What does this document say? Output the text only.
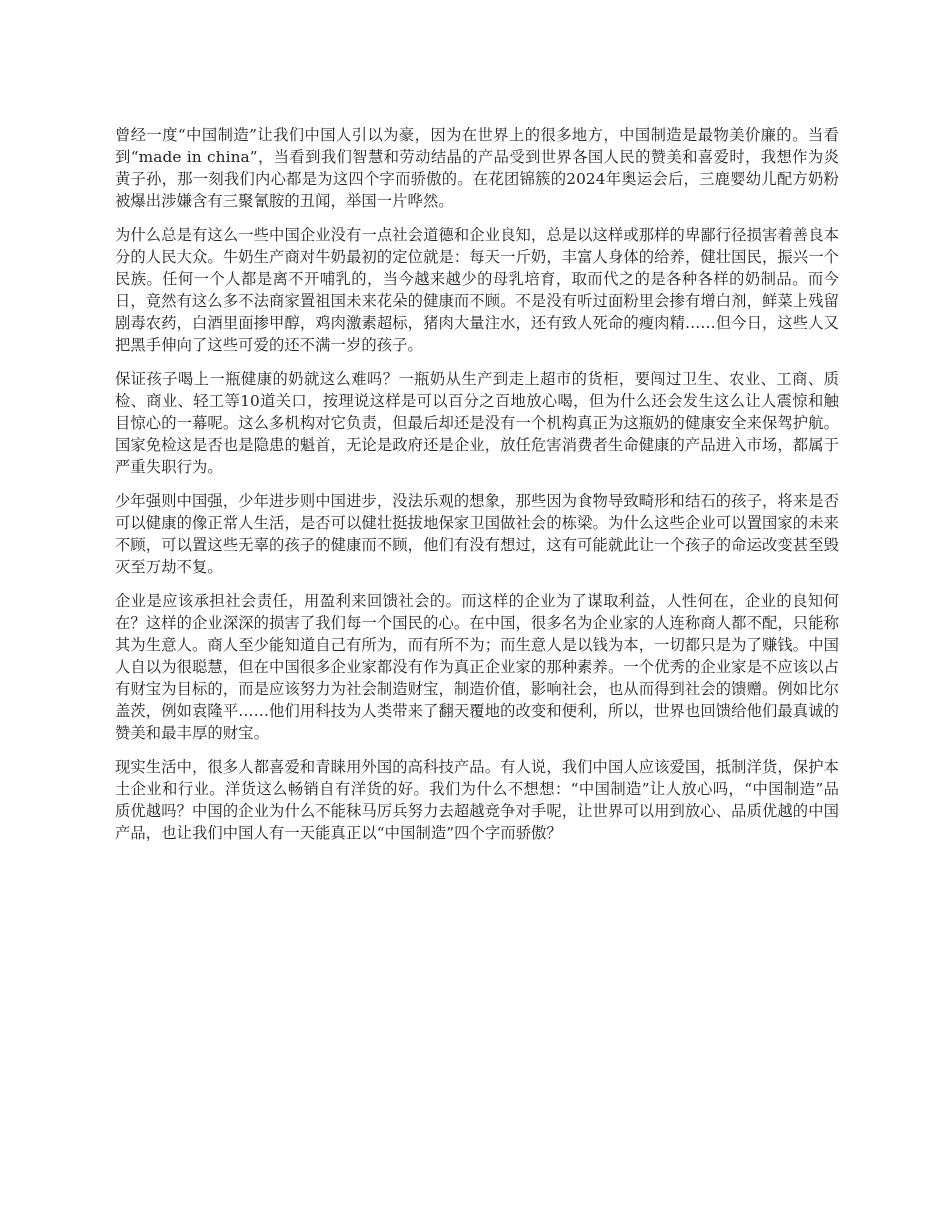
曾经一度“中国制造”让我们中国人引以为豪，因为在世界上的很多地方，中国制造是最物美价廉的。当看到“made in china”，当看到我们智慧和劳动结晶的产品受到世界各国人民的赞美和喜爱时，我想作为炎黄子孙，那一刻我们内心都是为这四个字而骄傲的。在花团锦簇的2024年奥运会后，三鹿婴幼儿配方奶粉被爆出涉嫌含有三聚氰胺的丑闻，举国一片哗然。

为什么总是有这么一些中国企业没有一点社会道德和企业良知，总是以这样或那样的卑鄙行径损害着善良本分的人民大众。牛奶生产商对牛奶最初的定位就是：每天一斤奶，丰富人身体的给养，健壮国民，振兴一个民族。任何一个人都是离不开哺乳的，当今越来越少的母乳培育，取而代之的是各种各样的奶制品。而今日，竟然有这么多不法商家置祖国未来花朵的健康而不顾。不是没有听过面粉里会掺有增白剂，鲜菜上残留剧毒农药，白酒里面掺甲醇，鸡肉激素超标，猪肉大量注水，还有致人死命的瘦肉精……但今日，这些人又把黑手伸向了这些可爱的还不满一岁的孩子。

保证孩子喝上一瓶健康的奶就这么难吗？一瓶奶从生产到走上超市的货柜，要闯过卫生、农业、工商、质检、商业、轻工等10道关口，按理说这样是可以百分之百地放心喝，但为什么还会发生这么让人震惊和触目惊心的一幕呢。这么多机构对它负责，但最后却还是没有一个机构真正为这瓶奶的健康安全来保驾护航。国家免检这是否也是隐患的魁首，无论是政府还是企业，放任危害消费者生命健康的产品进入市场，都属于严重失职行为。

少年强则中国强，少年进步则中国进步，没法乐观的想象，那些因为食物导致畸形和结石的孩子，将来是否可以健康的像正常人生活，是否可以健壮挺拔地保家卫国做社会的栋梁。为什么这些企业可以置国家的未来不顾，可以置这些无辜的孩子的健康而不顾，他们有没有想过，这有可能就此让一个孩子的命运改变甚至毁灭至万劫不复。

企业是应该承担社会责任，用盈利来回馈社会的。而这样的企业为了谋取利益，人性何在，企业的良知何在？这样的企业深深的损害了我们每一个国民的心。在中国，很多名为企业家的人连称商人都不配，只能称其为生意人。商人至少能知道自己有所为，而有所不为；而生意人是以钱为本，一切都只是为了赚钱。中国人自以为很聪慧，但在中国很多企业家都没有作为真正企业家的那种素养。一个优秀的企业家是不应该以占有财宝为目标的，而是应该努力为社会制造财宝，制造价值，影响社会，也从而得到社会的馈赠。例如比尔盖茨，例如袁隆平……他们用科技为人类带来了翻天覆地的改变和便利，所以，世界也回馈给他们最真诚的赞美和最丰厚的财宝。

现实生活中，很多人都喜爱和青睐用外国的高科技产品。有人说，我们中国人应该爱国，抵制洋货，保护本土企业和行业。洋货这么畅销自有洋货的好。我们为什么不想想：“中国制造”让人放心吗，“中国制造”品质优越吗？中国的企业为什么不能秣马厉兵努力去超越竞争对手呢，让世界可以用到放心、品质优越的中国产品，也让我们中国人有一天能真正以“中国制造”四个字而骄傲？
